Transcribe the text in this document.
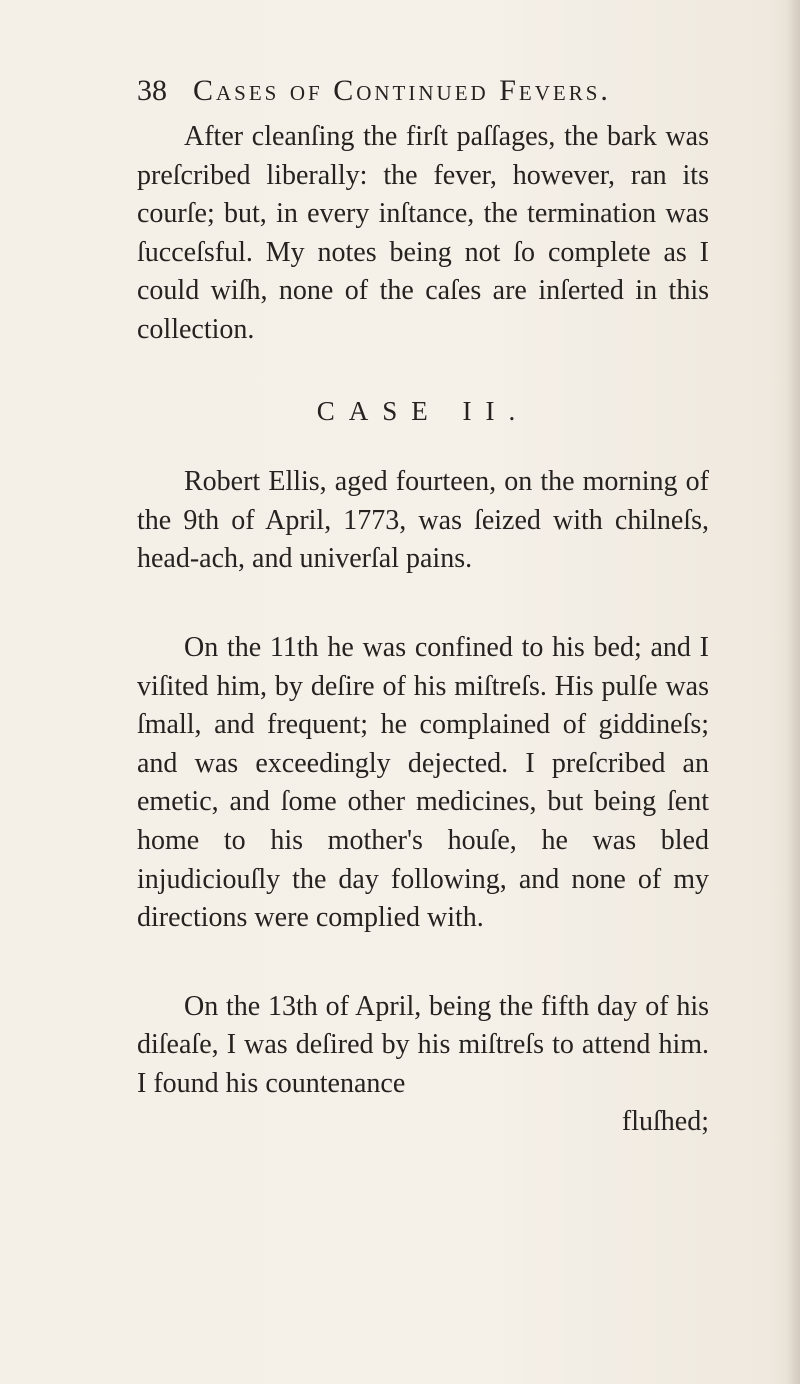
38 Cases of Continued Fevers.

After cleanſing the firſt paſſages, the bark was preſcribed liberally: the fever, however, ran its courſe; but, in every inſtance, the termination was ſucceſsful. My notes being not ſo complete as I could wiſh, none of the caſes are inſerted in this collection.

CASE II.

Robert Ellis, aged fourteen, on the morning of the 9th of April, 1773, was ſeized with chilneſs, head-ach, and univerſal pains.

On the 11th he was confined to his bed; and I viſited him, by deſire of his miſtreſs. His pulſe was ſmall, and frequent; he complained of giddineſs; and was exceedingly dejected. I preſcribed an emetic, and ſome other medicines, but being ſent home to his mother's houſe, he was bled injudiciouſly the day following, and none of my directions were complied with.

On the 13th of April, being the fifth day of his diſeaſe, I was deſired by his miſtreſs to attend him. I found his countenance

fluſhed;
